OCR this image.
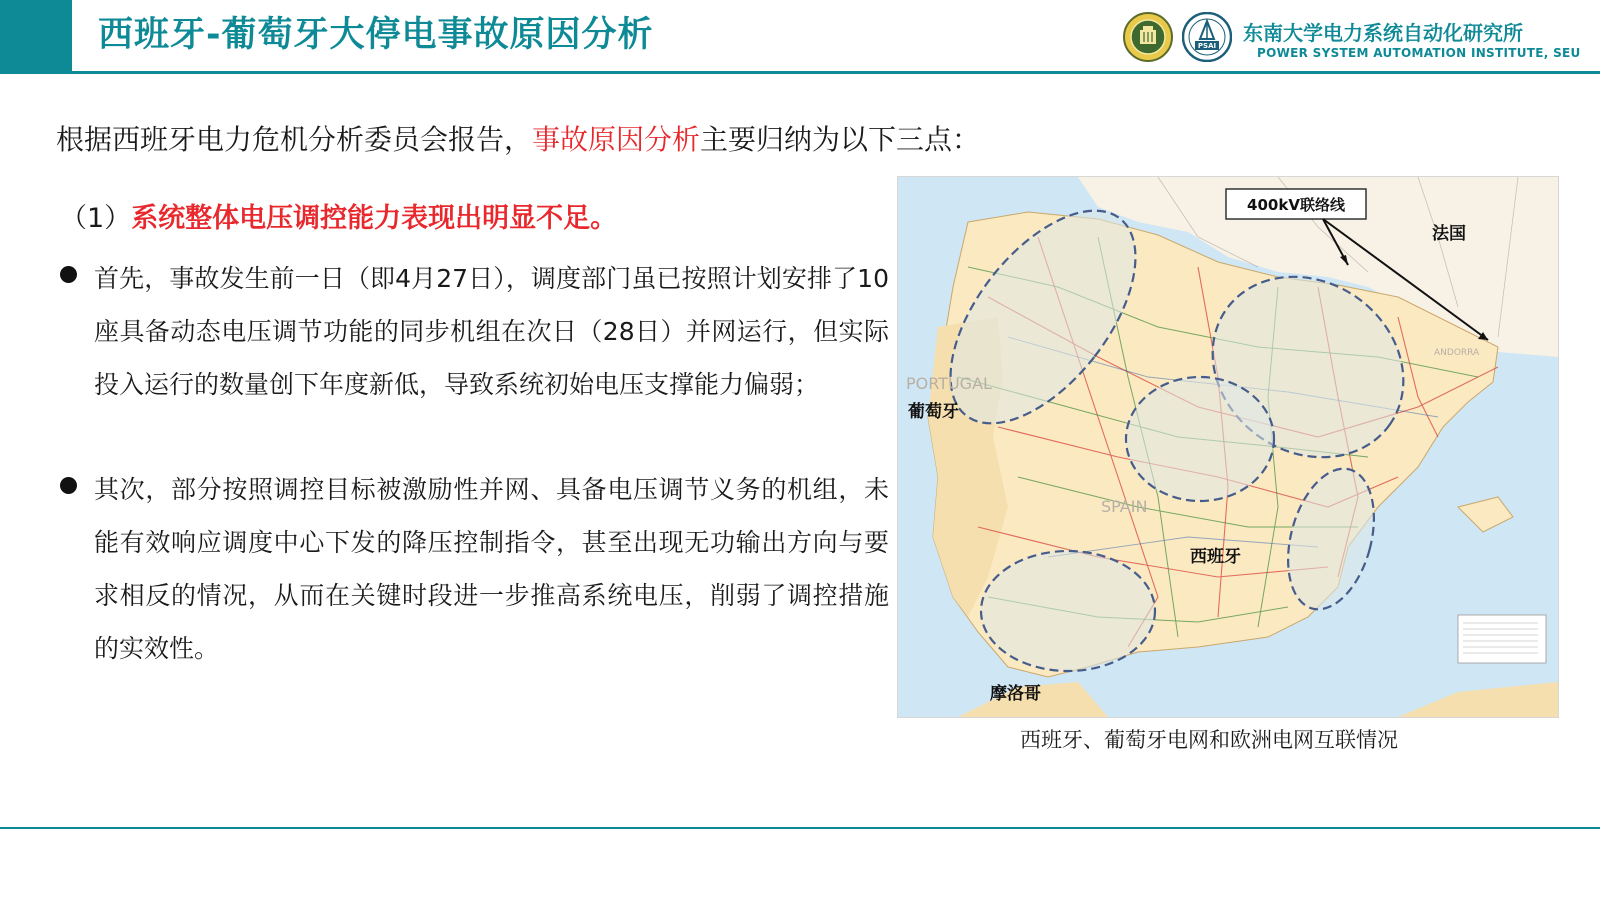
西班牙-葡萄牙大停电事故原因分析	PSAI
东南大学电力系统自动化研究所
POWER SYSTEM AUTOMATION INSTITUTE, SEU
根据西班牙电力危机分析委员会报告，事故原因分析主要归纳为以下三点：
（1）系统整体电压调控能力表现出明显不足。
首先，事故发生前一日（即4月27日），调度部门虽已按照计划安排了10座具备动态电压调节功能的同步机组在次日（28日）并网运行，但实际投入运行的数量创下年度新低，导致系统初始电压支撑能力偏弱；
其次，部分按照调控目标被激励性并网、具备电压调节义务的机组，未能有效响应调度中心下发的降压控制指令，甚至出现无功输出方向与要求相反的情况，从而在关键时段进一步推高系统电压，削弱了调控措施的实效性。
400kV联络线
法国
PORTUGAL
葡萄牙
SPAIN
西班牙
ANDORRA
摩洛哥
西班牙、葡萄牙电网和欧洲电网互联情况
